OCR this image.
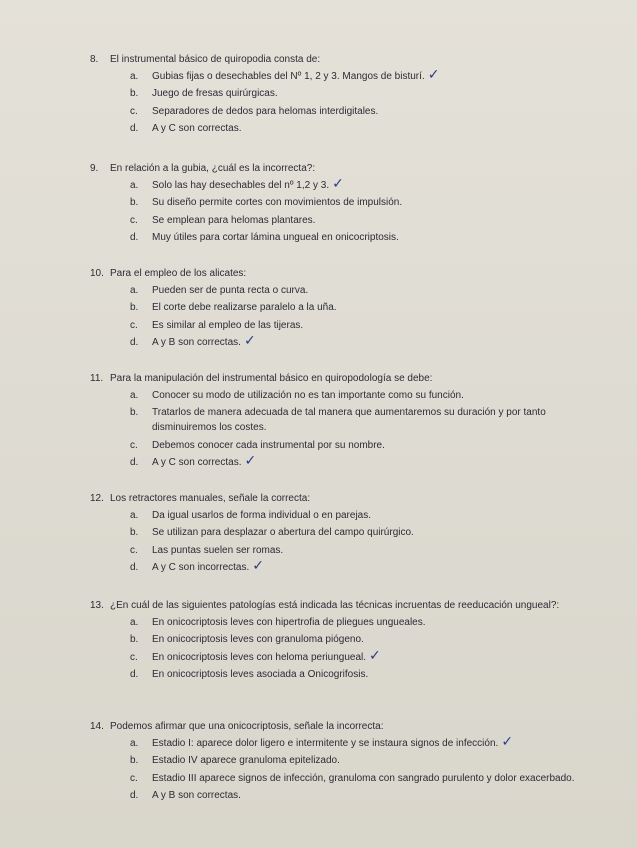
8.	El instrumental básico de quiropodia consta de:
a.	Gubias fijas o desechables del Nº 1, 2 y 3. Mangos de bisturí. ✓
b.	Juego de fresas quirúrgicas.
c.	Separadores de dedos para helomas interdigitales.
d.	A y C son correctas.
9.	En relación a la gubia, ¿cuál es la incorrecta?:
a.	Solo las hay desechables del nº 1,2 y 3. ✓
b.	Su diseño permite cortes con movimientos de impulsión.
c.	Se emplean para helomas plantares.
d.	Muy útiles para cortar lámina ungueal en onicocriptosis.
10. Para el empleo de los alicates:
a.	Pueden ser de punta recta o curva.
b.	El corte debe realizarse paralelo a la uña.
c.	Es similar al empleo de las tijeras.
d.	A y B son correctas. ✓
11. Para la manipulación del instrumental básico en quiropodología se debe:
a.	Conocer su modo de utilización no es tan importante como su función.
b.	Tratarlos de manera adecuada de tal manera que aumentaremos su duración y por tanto disminuiremos los costes.
c.	Debemos conocer cada instrumental por su nombre.
d.	A y C son correctas. ✓
12. Los retractores manuales, señale la correcta:
a.	Da igual usarlos de forma individual o en parejas.
b.	Se utilizan para desplazar o abertura del campo quirúrgico.
c.	Las puntas suelen ser romas.
d.	A y C son incorrectas. ✓
13. ¿En cuál de las siguientes patologías está indicada las técnicas incruentas de reeducación ungueal?:
a.	En onicocriptosis leves con hipertrofia de pliegues ungueales.
b.	En onicocriptosis leves con granuloma piógeno.
c.	En onicocriptosis leves con heloma periungueal. ✓
d.	En onicocriptosis leves asociada a Onicogrifosis.
14. Podemos afirmar que una onicocriptosis, señale la incorrecta:
a.	Estadio I: aparece dolor ligero e intermitente y se instaura signos de infección. ✓
b.	Estadio IV aparece granuloma epitelizado.
c.	Estadio III aparece signos de infección, granuloma con sangrado purulento y dolor exacerbado.
d.	A y B son correctas.
